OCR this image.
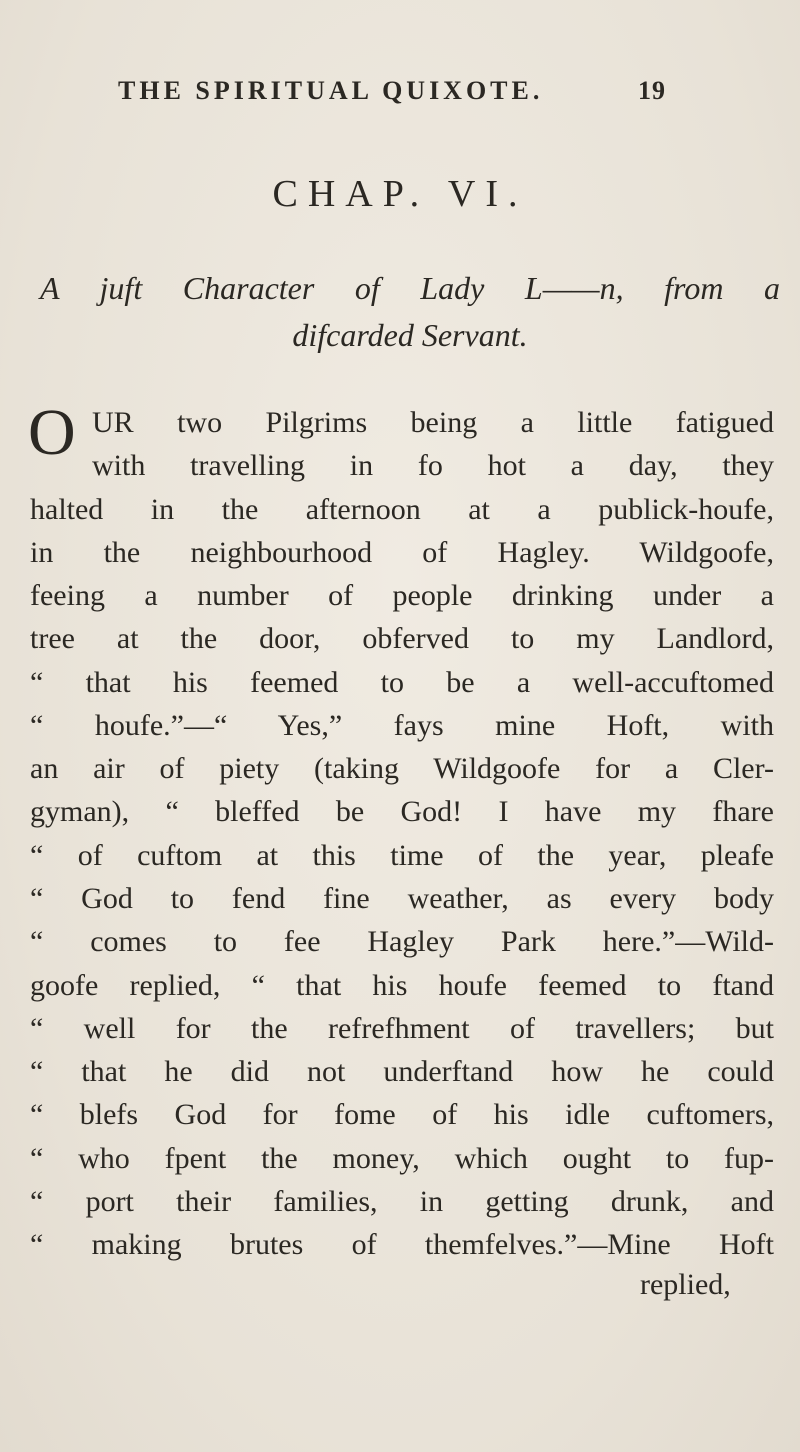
THE SPIRITUAL QUIXOTE.	19
CHAP. VI.
A juft Character of Lady L——n, from a
difcarded Servant.
O UR two Pilgrims being a little fatigued
with travelling in fo hot a day, they
halted in the afternoon at a publick-houfe,
in the neighbourhood of Hagley. Wildgoofe,
feeing a number of people drinking under a
tree at the door, obferved to my Landlord,
“ that his feemed to be a well-accuftomed
“ houfe.”—“ Yes,” fays mine Hoft, with
an air of piety (taking Wildgoofe for a Cler-
gyman), “ bleffed be God! I have my fhare
“ of cuftom at this time of the year, pleafe
“ God to fend fine weather, as every body
“ comes to fee Hagley Park here.”—Wild-
goofe replied, “ that his houfe feemed to ftand
“ well for the refrefhment of travellers; but
“ that he did not underftand how he could
“ blefs God for fome of his idle cuftomers,
“ who fpent the money, which ought to fup-
“ port their families, in getting drunk, and
“ making brutes of themfelves.”—Mine Hoft
replied,
